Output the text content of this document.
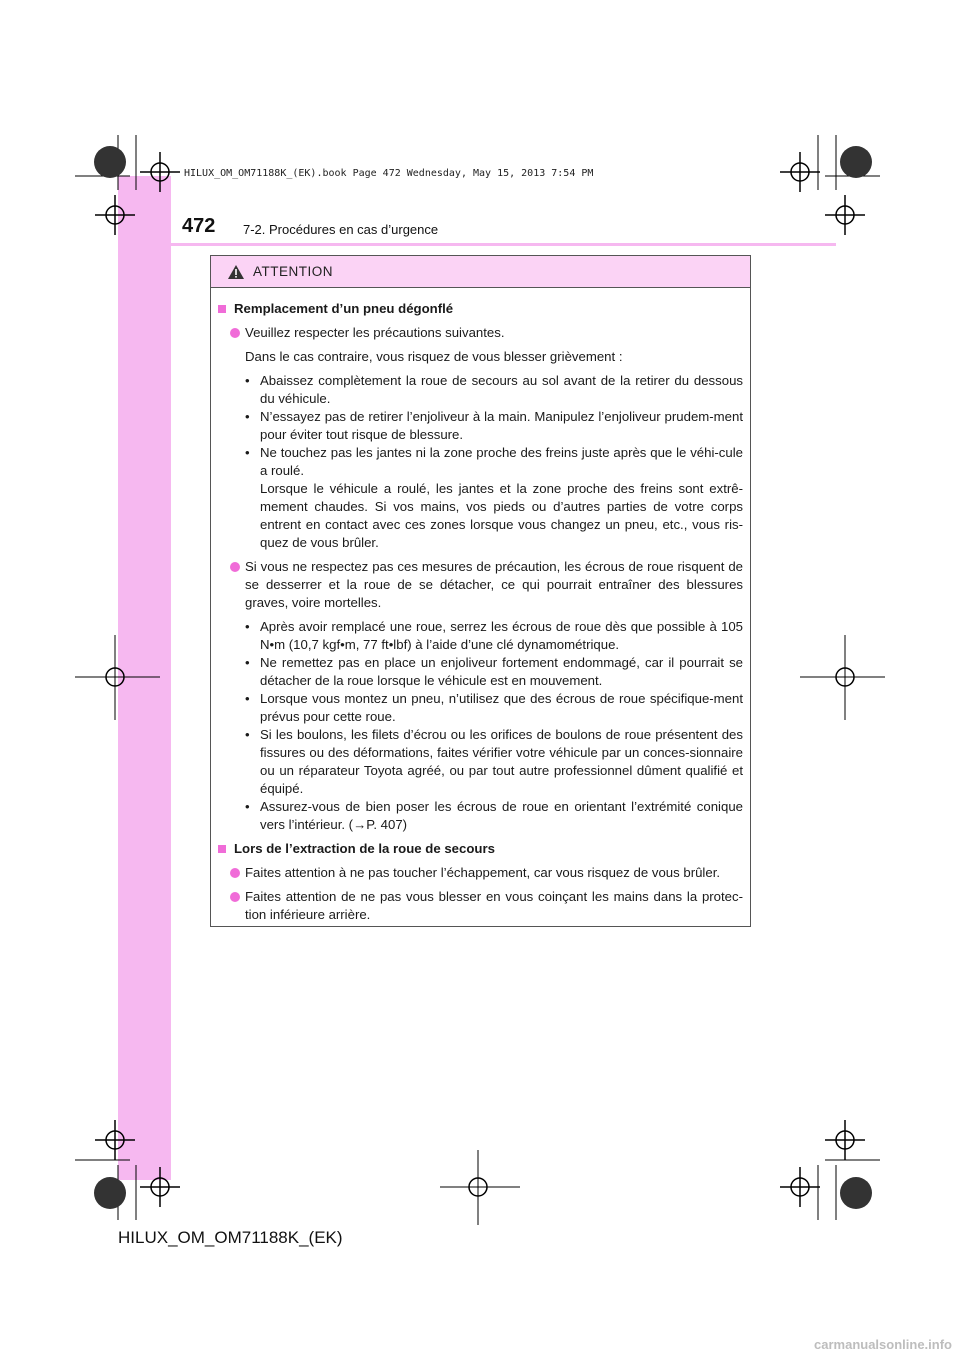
HILUX_OM_OM71188K_(EK).book Page 472 Wednesday, May 15, 2013 7:54 PM
472 7-2. Procédures en cas d’urgence
ATTENTION
Remplacement d’un pneu dégonflé
Veuillez respecter les précautions suivantes.
Dans le cas contraire, vous risquez de vous blesser grièvement :
• Abaissez complètement la roue de secours au sol avant de la retirer du dessous du véhicule.
• N’essayez pas de retirer l’enjoliveur à la main. Manipulez l’enjoliveur prudem-ment pour éviter tout risque de blessure.
• Ne touchez pas les jantes ni la zone proche des freins juste après que le véhi-cule a roulé.
Lorsque le véhicule a roulé, les jantes et la zone proche des freins sont extrê-mement chaudes. Si vos mains, vos pieds ou d’autres parties de votre corps entrent en contact avec ces zones lorsque vous changez un pneu, etc., vous ris-quez de vous brûler.
Si vous ne respectez pas ces mesures de précaution, les écrous de roue risquent de se desserrer et la roue de se détacher, ce qui pourrait entraîner des blessures graves, voire mortelles.
• Après avoir remplacé une roue, serrez les écrous de roue dès que possible à 105 N•m (10,7 kgf•m, 77 ft•lbf) à l’aide d’une clé dynamométrique.
• Ne remettez pas en place un enjoliveur fortement endommagé, car il pourrait se détacher de la roue lorsque le véhicule est en mouvement.
• Lorsque vous montez un pneu, n’utilisez que des écrous de roue spécifique-ment prévus pour cette roue.
• Si les boulons, les filets d’écrou ou les orifices de boulons de roue présentent des fissures ou des déformations, faites vérifier votre véhicule par un conces-sionnaire ou un réparateur Toyota agréé, ou par tout autre professionnel dûment qualifié et équipé.
• Assurez-vous de bien poser les écrous de roue en orientant l’extrémité conique vers l’intérieur. (→P. 407)
Lors de l’extraction de la roue de secours
Faites attention à ne pas toucher l’échappement, car vous risquez de vous brûler.
Faites attention de ne pas vous blesser en vous coinçant les mains dans la protec-tion inférieure arrière.
HILUX_OM_OM71188K_(EK)
carmanualsonline.info
